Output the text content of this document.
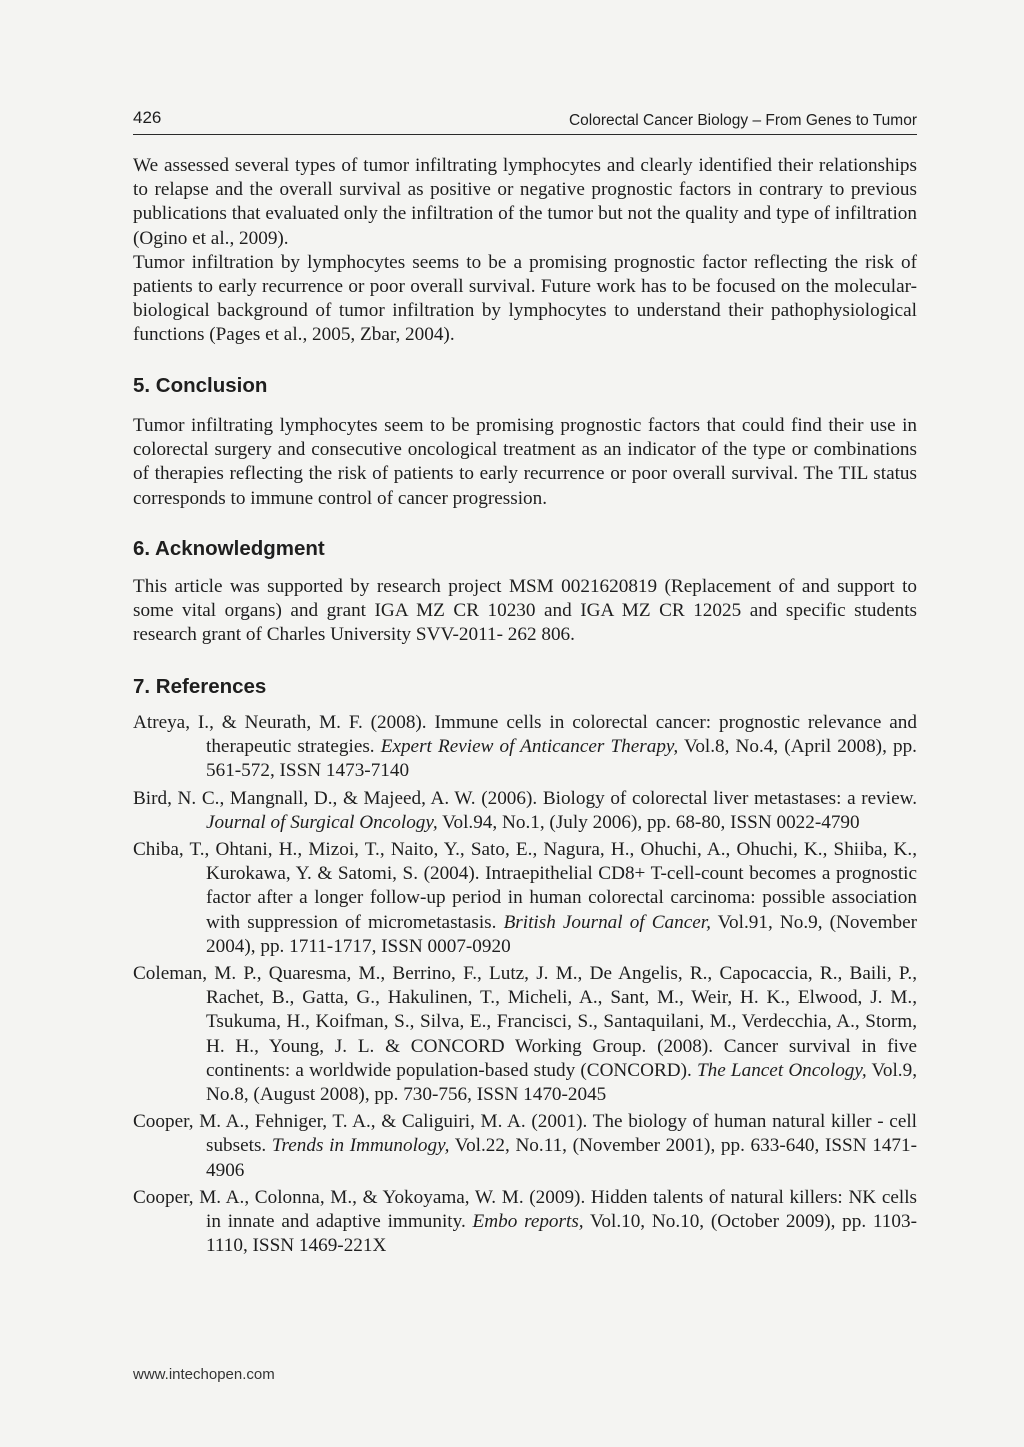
426	Colorectal Cancer Biology – From Genes to Tumor

We assessed several types of tumor infiltrating lymphocytes and clearly identified their relationships to relapse and the overall survival as positive or negative prognostic factors in contrary to previous publications that evaluated only the infiltration of the tumor but not the quality and type of infiltration (Ogino et al., 2009).

Tumor infiltration by lymphocytes seems to be a promising prognostic factor reflecting the risk of patients to early recurrence or poor overall survival. Future work has to be focused on the molecular-biological background of tumor infiltration by lymphocytes to understand their pathophysiological functions (Pages et al., 2005, Zbar, 2004).

5. Conclusion

Tumor infiltrating lymphocytes seem to be promising prognostic factors that could find their use in colorectal surgery and consecutive oncological treatment as an indicator of the type or combinations of therapies reflecting the risk of patients to early recurrence or poor overall survival. The TIL status corresponds to immune control of cancer progression.

6. Acknowledgment

This article was supported by research project MSM 0021620819 (Replacement of and support to some vital organs) and grant IGA MZ CR 10230 and IGA MZ CR 12025 and specific students research grant of Charles University SVV-2011- 262 806.

7. References

Atreya, I., & Neurath, M. F. (2008). Immune cells in colorectal cancer: prognostic relevance and therapeutic strategies. Expert Review of Anticancer Therapy, Vol.8, No.4, (April 2008), pp. 561-572, ISSN 1473-7140

Bird, N. C., Mangnall, D., & Majeed, A. W. (2006). Biology of colorectal liver metastases: a review. Journal of Surgical Oncology, Vol.94, No.1, (July 2006), pp. 68-80, ISSN 0022-4790

Chiba, T., Ohtani, H., Mizoi, T., Naito, Y., Sato, E., Nagura, H., Ohuchi, A., Ohuchi, K., Shiiba, K., Kurokawa, Y. & Satomi, S. (2004). Intraepithelial CD8+ T-cell-count becomes a prognostic factor after a longer follow-up period in human colorectal carcinoma: possible association with suppression of micrometastasis. British Journal of Cancer, Vol.91, No.9, (November 2004), pp. 1711-1717, ISSN 0007-0920

Coleman, M. P., Quaresma, M., Berrino, F., Lutz, J. M., De Angelis, R., Capocaccia, R., Baili, P., Rachet, B., Gatta, G., Hakulinen, T., Micheli, A., Sant, M., Weir, H. K., Elwood, J. M., Tsukuma, H., Koifman, S., Silva, E., Francisci, S., Santaquilani, M., Verdecchia, A., Storm, H. H., Young, J. L. & CONCORD Working Group. (2008). Cancer survival in five continents: a worldwide population-based study (CONCORD). The Lancet Oncology, Vol.9, No.8, (August 2008), pp. 730-756, ISSN 1470-2045

Cooper, M. A., Fehniger, T. A., & Caliguiri, M. A. (2001). The biology of human natural killer - cell subsets. Trends in Immunology, Vol.22, No.11, (November 2001), pp. 633-640, ISSN 1471-4906

Cooper, M. A., Colonna, M., & Yokoyama, W. M. (2009). Hidden talents of natural killers: NK cells in innate and adaptive immunity. Embo reports, Vol.10, No.10, (October 2009), pp. 1103-1110, ISSN 1469-221X

www.intechopen.com
